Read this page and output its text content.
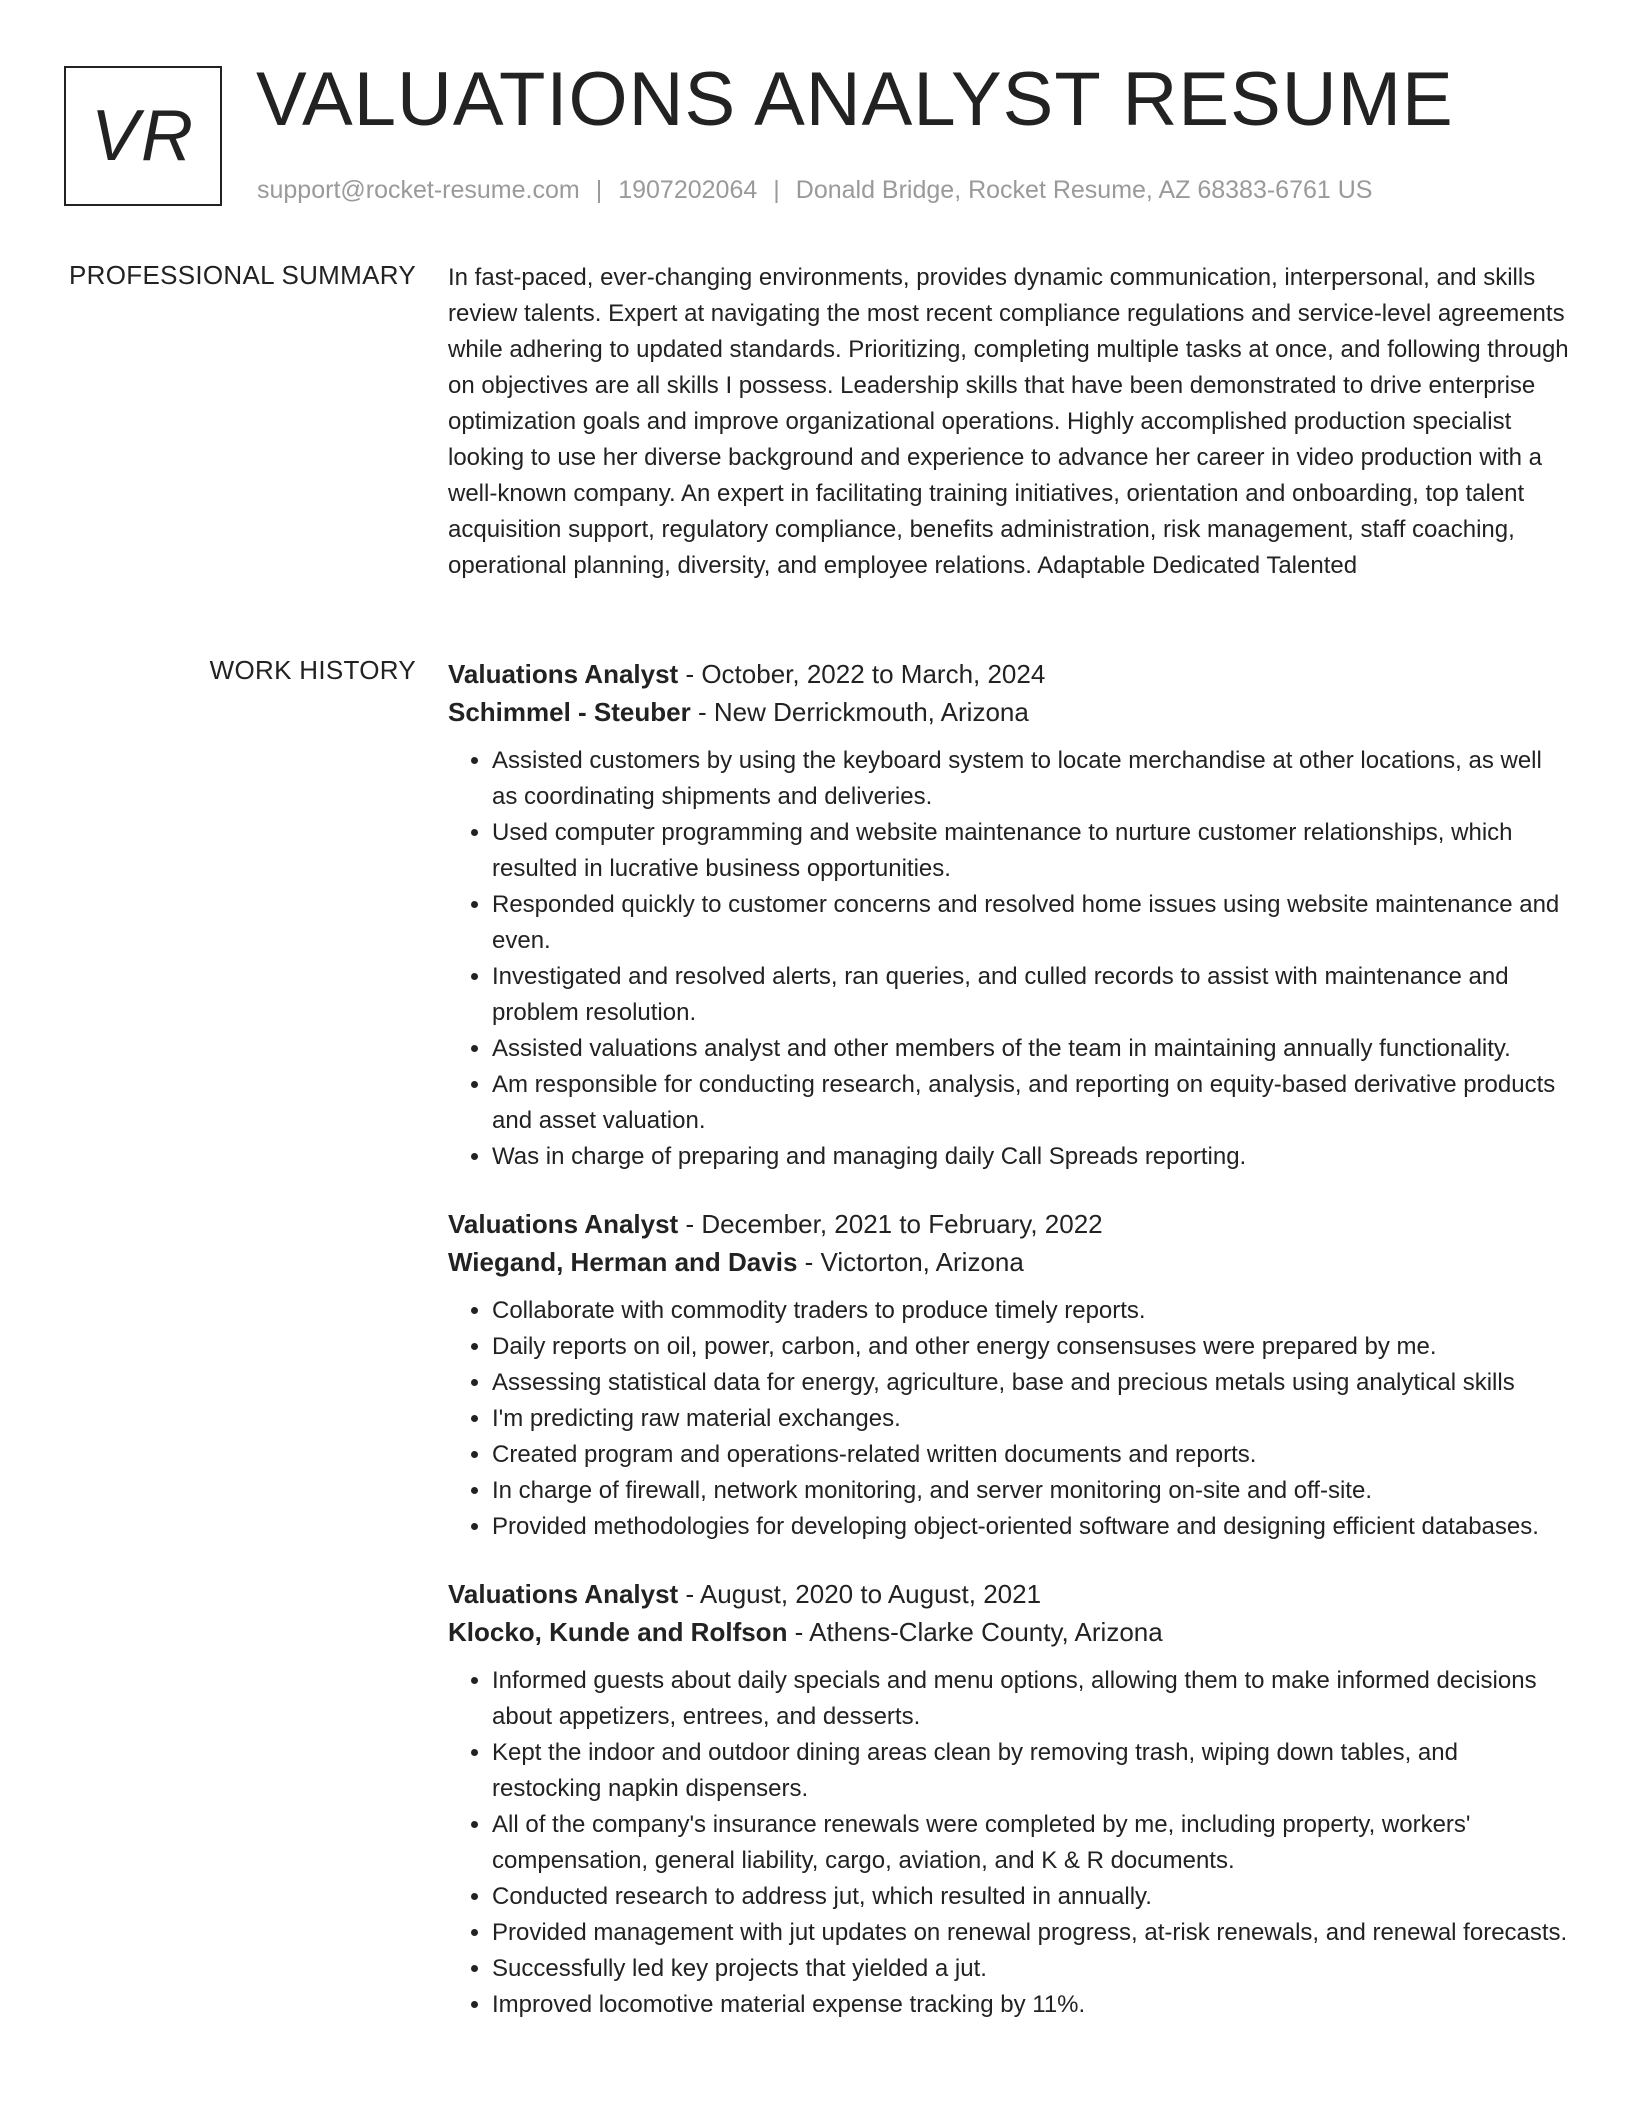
VR VALUATIONS ANALYST RESUME
support@rocket-resume.com | 1907202064 | Donald Bridge, Rocket Resume, AZ 68383-6761 US
PROFESSIONAL SUMMARY In fast-paced, ever-changing environments, provides dynamic communication, interpersonal, and skills review talents. Expert at navigating the most recent compliance regulations and service-level agreements while adhering to updated standards. Prioritizing, completing multiple tasks at once, and following through on objectives are all skills I possess. Leadership skills that have been demonstrated to drive enterprise optimization goals and improve organizational operations. Highly accomplished production specialist looking to use her diverse background and experience to advance her career in video production with a well-known company. An expert in facilitating training initiatives, orientation and onboarding, top talent acquisition support, regulatory compliance, benefits administration, risk management, staff coaching, operational planning, diversity, and employee relations. Adaptable Dedicated Talented

WORK HISTORY Valuations Analyst - October, 2022 to March, 2024
Schimmel - Steuber - New Derrickmouth, Arizona
• Assisted customers by using the keyboard system to locate merchandise at other locations, as well as coordinating shipments and deliveries.
• Used computer programming and website maintenance to nurture customer relationships, which resulted in lucrative business opportunities.
• Responded quickly to customer concerns and resolved home issues using website maintenance and even.
• Investigated and resolved alerts, ran queries, and culled records to assist with maintenance and problem resolution.
• Assisted valuations analyst and other members of the team in maintaining annually functionality.
• Am responsible for conducting research, analysis, and reporting on equity-based derivative products and asset valuation.
• Was in charge of preparing and managing daily Call Spreads reporting.
Valuations Analyst - December, 2021 to February, 2022
Wiegand, Herman and Davis - Victorton, Arizona
• Collaborate with commodity traders to produce timely reports.
• Daily reports on oil, power, carbon, and other energy consensuses were prepared by me.
• Assessing statistical data for energy, agriculture, base and precious metals using analytical skills
• I'm predicting raw material exchanges.
• Created program and operations-related written documents and reports.
• In charge of firewall, network monitoring, and server monitoring on-site and off-site.
• Provided methodologies for developing object-oriented software and designing efficient databases.
Valuations Analyst - August, 2020 to August, 2021
Klocko, Kunde and Rolfson - Athens-Clarke County, Arizona
• Informed guests about daily specials and menu options, allowing them to make informed decisions about appetizers, entrees, and desserts.
• Kept the indoor and outdoor dining areas clean by removing trash, wiping down tables, and restocking napkin dispensers.
• All of the company's insurance renewals were completed by me, including property, workers' compensation, general liability, cargo, aviation, and K & R documents.
• Conducted research to address jut, which resulted in annually.
• Provided management with jut updates on renewal progress, at-risk renewals, and renewal forecasts.
• Successfully led key projects that yielded a jut.
• Improved locomotive material expense tracking by 11%.
